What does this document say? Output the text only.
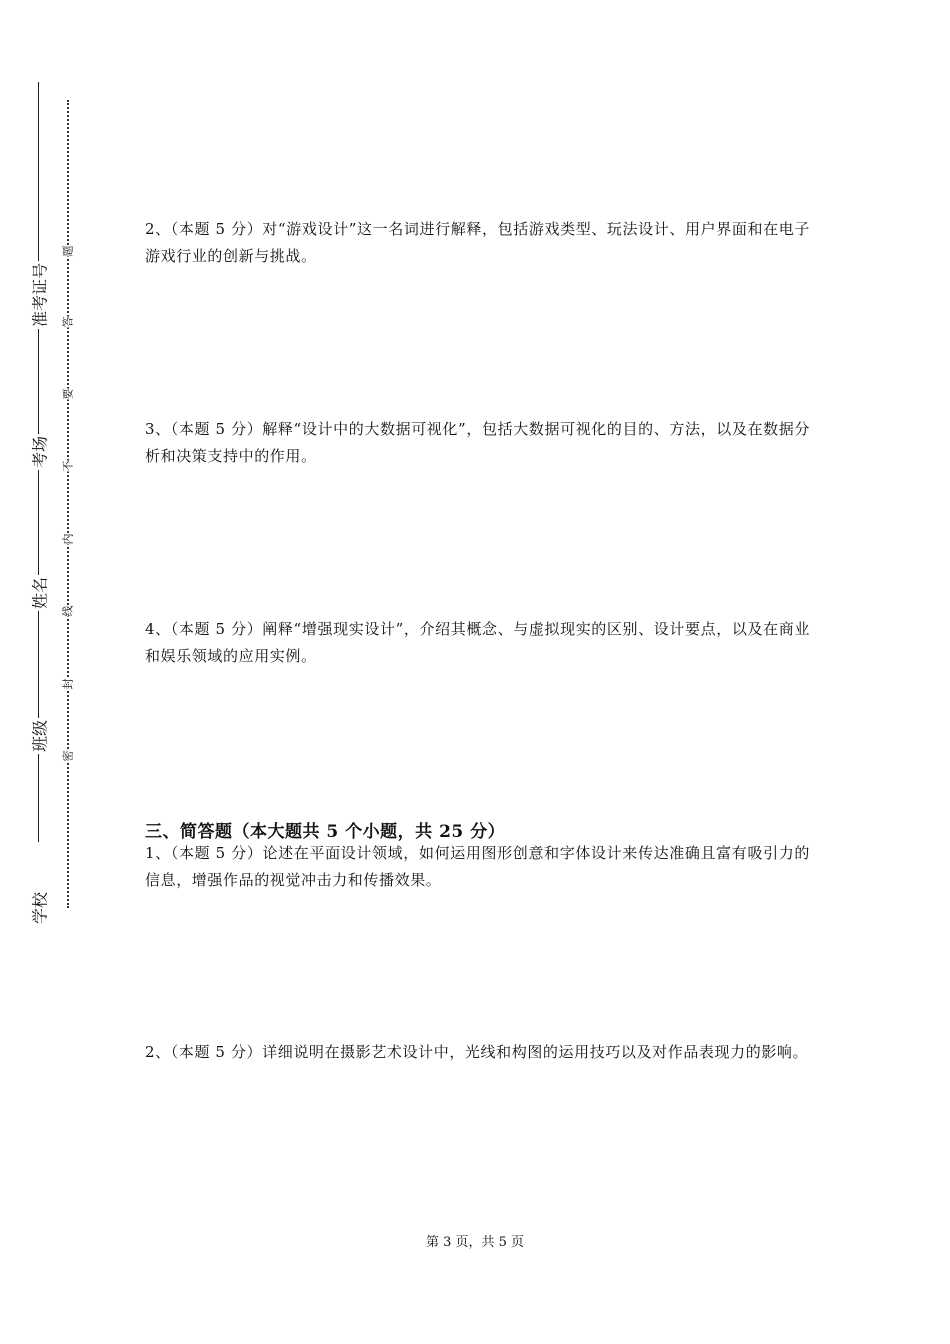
准考证号
考场
姓名
班级
学校
题
答
要
不
内
线
封
密

2、（本题 5 分）对“游戏设计”这一名词进行解释，包括游戏类型、玩法设计、用户界面和在电子游戏行业的创新与挑战。

3、（本题 5 分）解释“设计中的大数据可视化”，包括大数据可视化的目的、方法，以及在数据分析和决策支持中的作用。

4、（本题 5 分）阐释“增强现实设计”，介绍其概念、与虚拟现实的区别、设计要点，以及在商业和娱乐领域的应用实例。

三、简答题（本大题共 5 个小题，共 25 分）

1、（本题 5 分）论述在平面设计领域，如何运用图形创意和字体设计来传达准确且富有吸引力的信息，增强作品的视觉冲击力和传播效果。

2、（本题 5 分）详细说明在摄影艺术设计中，光线和构图的运用技巧以及对作品表现力的影响。

第 3 页，共 5 页
